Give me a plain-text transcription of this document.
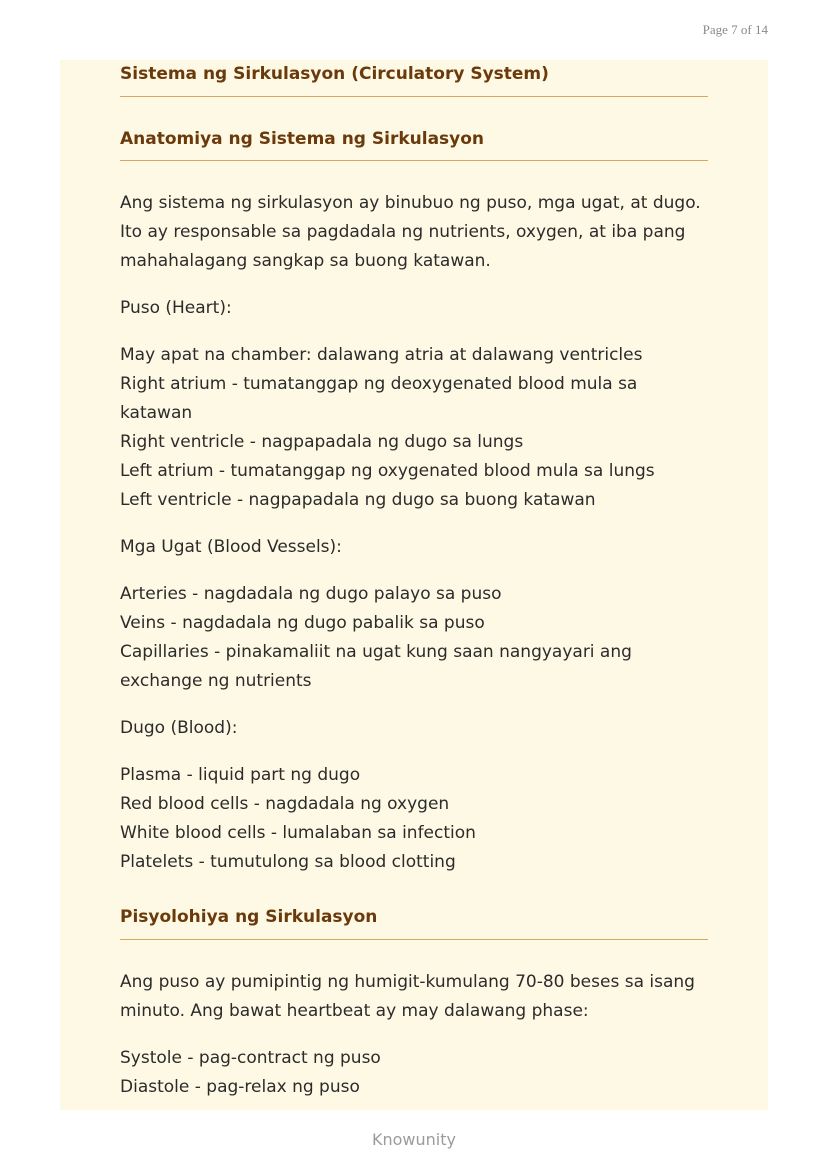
Page 7 of 14
Sistema ng Sirkulasyon (Circulatory System)
Anatomiya ng Sistema ng Sirkulasyon

Ang sistema ng sirkulasyon ay binubuo ng puso, mga ugat, at dugo.
Ito ay responsable sa pagdadala ng nutrients, oxygen, at iba pang
mahahalagang sangkap sa buong katawan.

Puso (Heart):

May apat na chamber: dalawang atria at dalawang ventricles
Right atrium - tumatanggap ng deoxygenated blood mula sa
katawan
Right ventricle - nagpapadala ng dugo sa lungs
Left atrium - tumatanggap ng oxygenated blood mula sa lungs
Left ventricle - nagpapadala ng dugo sa buong katawan

Mga Ugat (Blood Vessels):

Arteries - nagdadala ng dugo palayo sa puso
Veins - nagdadala ng dugo pabalik sa puso
Capillaries - pinakamaliit na ugat kung saan nangyayari ang
exchange ng nutrients

Dugo (Blood):

Plasma - liquid part ng dugo
Red blood cells - nagdadala ng oxygen
White blood cells - lumalaban sa infection
Platelets - tumutulong sa blood clotting

Pisyolohiya ng Sirkulasyon

Ang puso ay pumipintig ng humigit-kumulang 70-80 beses sa isang
minuto. Ang bawat heartbeat ay may dalawang phase:

Systole - pag-contract ng puso
Diastole - pag-relax ng puso

Knowunity
